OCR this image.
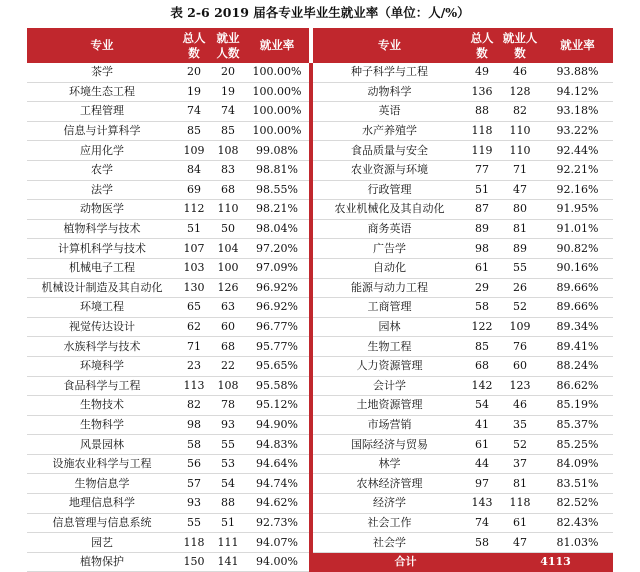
表 2-6 2019 届各专业毕业生就业率（单位：人/%）
专业	总人数	就业人数	就业率		专业	总人数	就业人数	就业率
茶学	20	20	100.00%		种子科学与工程	49	46	93.88%
环境生态工程	19	19	100.00%		动物科学	136	128	94.12%
工程管理	74	74	100.00%		英语	88	82	93.18%
信息与计算科学	85	85	100.00%		水产养殖学	118	110	93.22%
应用化学	109	108	99.08%		食品质量与安全	119	110	92.44%
农学	84	83	98.81%		农业资源与环境	77	71	92.21%
法学	69	68	98.55%		行政管理	51	47	92.16%
动物医学	112	110	98.21%		农业机械化及其自动化	87	80	91.95%
植物科学与技术	51	50	98.04%		商务英语	89	81	91.01%
计算机科学与技术	107	104	97.20%		广告学	98	89	90.82%
机械电子工程	103	100	97.09%		自动化	61	55	90.16%
机械设计制造及其自动化	130	126	96.92%		能源与动力工程	29	26	89.66%
环境工程	65	63	96.92%		工商管理	58	52	89.66%
视觉传达设计	62	60	96.77%		园林	122	109	89.34%
水族科学与技术	71	68	95.77%		生物工程	85	76	89.41%
环境科学	23	22	95.65%		人力资源管理	68	60	88.24%
食品科学与工程	113	108	95.58%		会计学	142	123	86.62%
生物技术	82	78	95.12%		土地资源管理	54	46	85.19%
生物科学	98	93	94.90%		市场营销	41	35	85.37%
风景园林	58	55	94.83%		国际经济与贸易	61	52	85.25%
设施农业科学与工程	56	53	94.64%		林学	44	37	84.09%
生物信息学	57	54	94.74%		农林经济管理	97	81	83.51%
地理信息科学	93	88	94.62%		经济学	143	118	82.52%
信息管理与信息系统	55	51	92.73%		社会工作	74	61	82.43%
园艺	118	111	94.07%		社会学	58	47	81.03%
植物保护	150	141	94.00%		合计		4113	
